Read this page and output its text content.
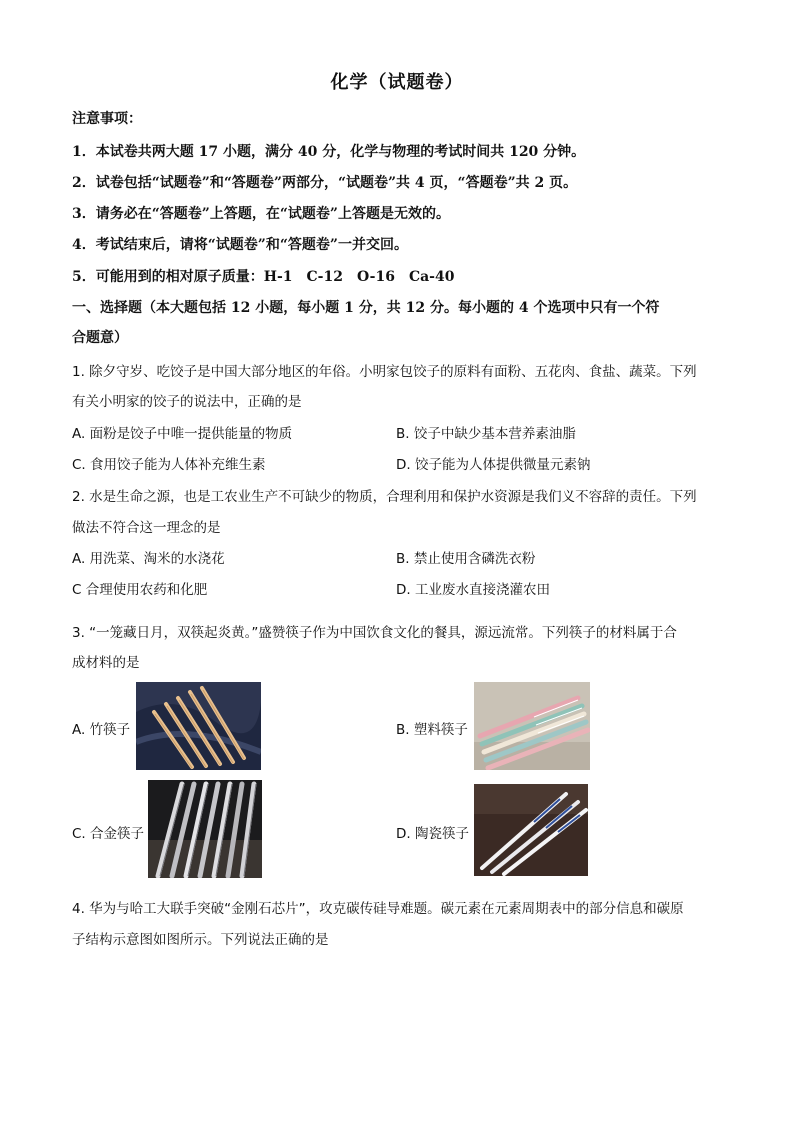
化学（试题卷）
注意事项：
1．本试卷共两大题 17 小题，满分 40 分，化学与物理的考试时间共 120 分钟。
2．试卷包括“试题卷”和“答题卷”两部分，“试题卷”共 4 页，“答题卷”共 2 页。
3．请务必在“答题卷”上答题，在“试题卷”上答题是无效的。
4．考试结束后，请将“试题卷”和“答题卷”一并交回。
5．可能用到的相对原子质量：H-1　C-12　O-16　Ca-40
一、选择题（本大题包括 12 小题，每小题 1 分，共 12 分。每小题的 4 个选项中只有一个符
合题意）
1. 除夕守岁、吃饺子是中国大部分地区的年俗。小明家包饺子的原料有面粉、五花肉、食盐、蔬菜。下列
有关小明家的饺子的说法中，正确的是
A. 面粉是饺子中唯一提供能量的物质	B. 饺子中缺少基本营养素油脂
C. 食用饺子能为人体补充维生素	D. 饺子能为人体提供微量元素钠
2. 水是生命之源，也是工农业生产不可缺少的物质，合理利用和保护水资源是我们义不容辞的责任。下列
做法不符合这一理念的是
A. 用洗菜、淘米的水浇花	B. 禁止使用含磷洗衣粉
C 合理使用农药和化肥	D. 工业废水直接浇灌农田
3. “一笼藏日月，双筷起炎黄。”盛赞筷子作为中国饮食文化的餐具，源远流常。下列筷子的材料属于合
成材料的是
A. 竹筷子	B. 塑料筷子
C. 合金筷子	D. 陶瓷筷子
4. 华为与哈工大联手突破“金刚石芯片”，攻克碳传硅导难题。碳元素在元素周期表中的部分信息和碳原
子结构示意图如图所示。下列说法正确的是
